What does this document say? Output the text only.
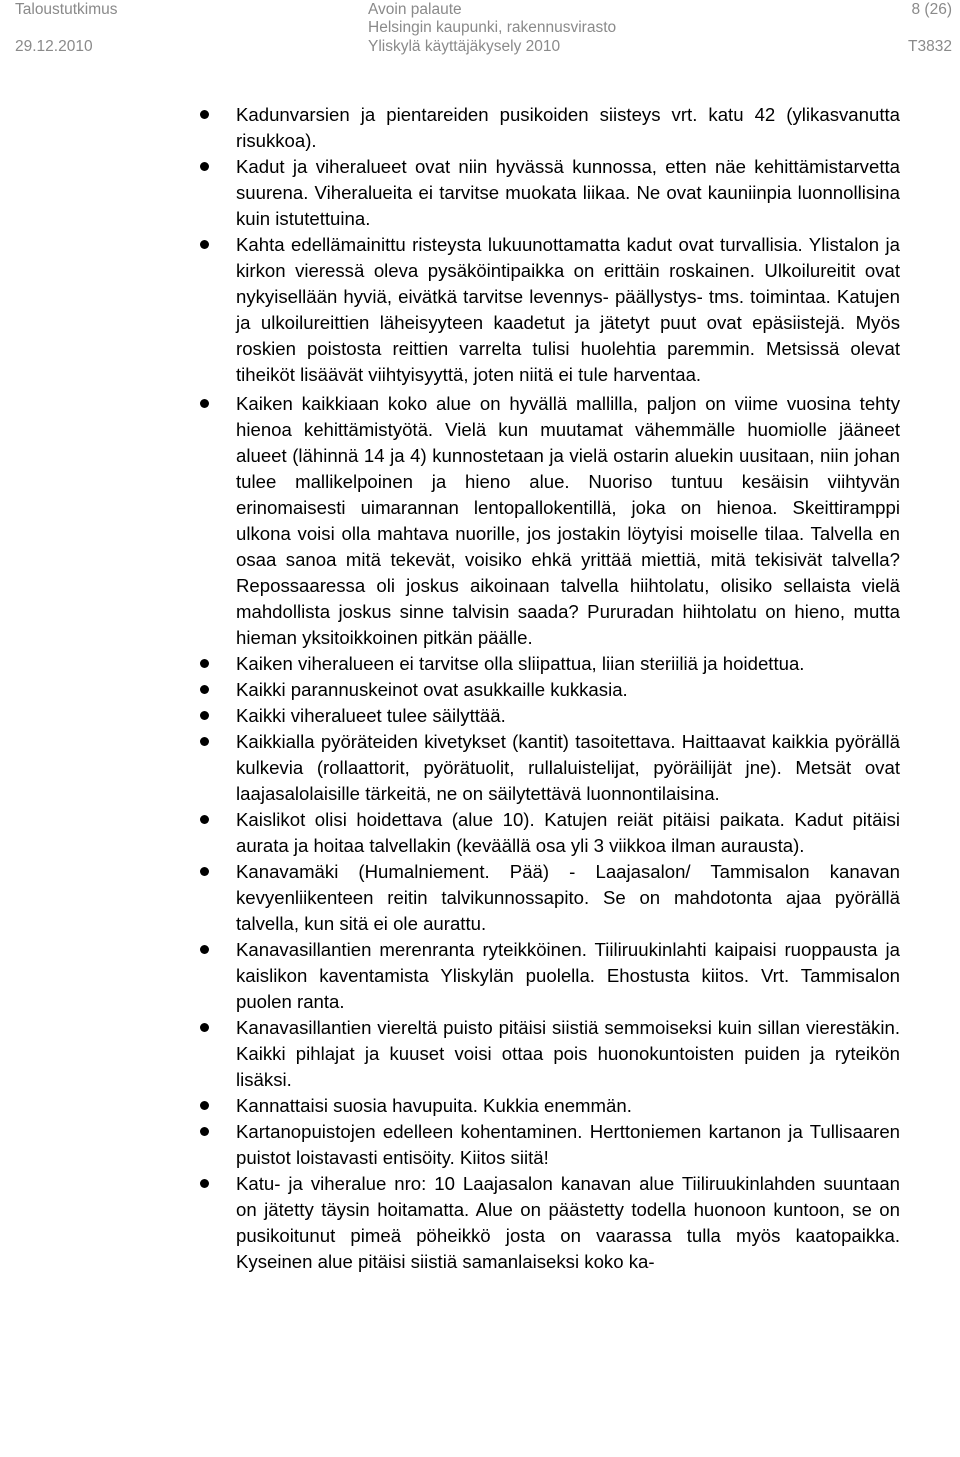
Taloustutkimus	Avoin palaute	8 (26)
Helsingin kaupunki, rakennusvirasto
29.12.2010	Yliskylä käyttäjäkysely 2010	T3832
Kadunvarsien ja pientareiden pusikoiden siisteys vrt. katu 42 (ylikasvanutta risukkoa).
Kadut ja viheralueet ovat niin hyvässä kunnossa, etten näe kehittämistarvetta suurena. Viheralueita ei tarvitse muokata liikaa. Ne ovat kauniinpia luonnollisina kuin istutettuina.
Kahta edellämainittu risteysta lukuunottamatta kadut ovat turvallisia. Ylistalon ja kirkon vieressä oleva pysäköintipaikka on erittäin roskainen. Ulkoilureitit ovat nykyisellään hyviä, eivätkä tarvitse levennys- päällystys- tms. toimintaa. Katujen ja ulkoilureittien läheisyyteen kaadetut ja jätetyt puut ovat epäsiistejä. Myös roskien poistosta reittien varrelta tulisi huolehtia paremmin. Metsissä olevat tiheiköt lisäävät viihtyisyyttä, joten niitä ei tule harventaa.
Kaiken kaikkiaan koko alue on hyvällä mallilla, paljon on viime vuosina tehty hienoa kehittämistyötä. Vielä kun muutamat vähemmälle huomiolle jääneet alueet (lähinnä 14 ja 4) kunnostetaan ja vielä ostarin aluekin uusitaan, niin johan tulee mallikelpoinen ja hieno alue. Nuoriso tuntuu kesäisin viihtyvän erinomaisesti uimarannan lentopallokentillä, joka on hienoa. Skeittiramppi ulkona voisi olla mahtava nuorille, jos jostakin löytyisi moiselle tilaa. Talvella en osaa sanoa mitä tekevät, voisiko ehkä yrittää miettiä, mitä tekisivät talvella? Repossaaressa oli joskus aikoinaan talvella hiihtolatu, olisiko sellaista vielä mahdollista joskus sinne talvisin saada? Pururadan hiihtolatu on hieno, mutta hieman yksitoikkoinen pitkän päälle.
Kaiken viheralueen ei tarvitse olla sliipattua, liian steriiliä ja hoidettua.
Kaikki parannuskeinot ovat asukkaille kukkasia.
Kaikki viheralueet tulee säilyttää.
Kaikkialla pyöräteiden kivetykset (kantit) tasoitettava. Haittaavat kaikkia pyörällä kulkevia (rollaattorit, pyörätuolit, rullaluistelijat, pyöräilijät jne). Metsät ovat laajasalolaisille tärkeitä, ne on säilytettävä luonnontilaisina.
Kaislikot olisi hoidettava (alue 10). Katujen reiät pitäisi paikata. Kadut pitäisi aurata ja hoitaa talvellakin (keväällä osa yli 3 viikkoa ilman aurausta).
Kanavamäki (Humalniement. Pää) - Laajasalon/ Tammisalon kanavan kevyenliikenteen reitin talvikunnossapito. Se on mahdotonta ajaa pyörällä talvella, kun sitä ei ole aurattu.
Kanavasillantien merenranta ryteikköinen. Tiiliruukinlahti kaipaisi ruoppausta ja kaislikon kaventamista Yliskylän puolella. Ehostusta kiitos. Vrt. Tammisalon puolen ranta.
Kanavasillantien viereltä puisto pitäisi siistiä semmoiseksi kuin sillan vierestäkin. Kaikki pihlajat ja kuuset voisi ottaa pois huonokuntoisten puiden ja ryteikön lisäksi.
Kannattaisi suosia havupuita. Kukkia enemmän.
Kartanopuistojen edelleen kohentaminen. Herttoniemen kartanon ja Tullisaaren puistot loistavasti entisöity. Kiitos siitä!
Katu- ja viheralue nro: 10 Laajasalon kanavan alue Tiiliruukinlahden suuntaan on jätetty täysin hoitamatta. Alue on päästetty todella huonoon kuntoon, se on pusikoitunut pimeä pöheikkö josta on vaarassa tulla myös kaatopaikka. Kyseinen alue pitäisi siistiä samanlaiseksi koko ka-
